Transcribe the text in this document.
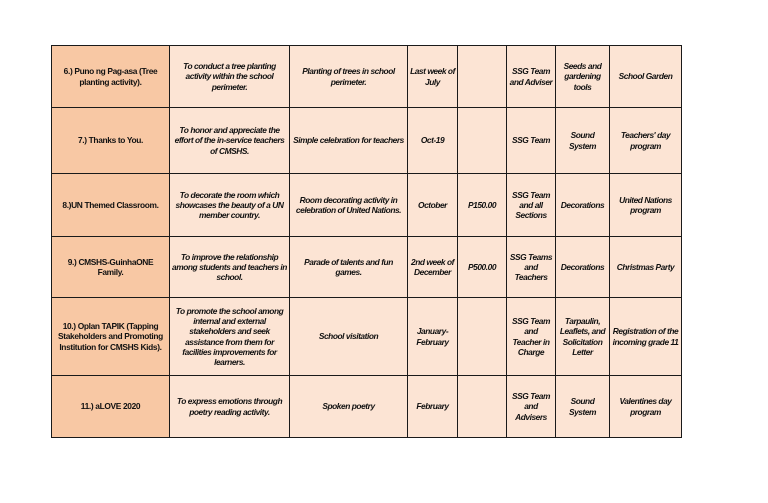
6.) Puno ng Pag-asa (Tree planting activity).	To conduct a tree planting activity within the school perimeter.	Planting of trees in school perimeter.	Last week of July		SSG Team and Adviser	Seeds and gardening tools	School Garden

7.) Thanks to You.	To honor and appreciate the effort of the in-service teachers of CMSHS.	Simple celebration for teachers	Oct-19		SSG Team	Sound System	Teachers' day program

8.)UN Themed Classroom.	To decorate the room which showcases the beauty of a UN member country.	Room decorating activity in celebration of United Nations.	October	P150.00	SSG Team and all Sections	Decorations	United Nations program

9.) CMSHS-GuinhaONE Family.	To improve the relationship among students and teachers in school.	Parade of talents and fun games.	2nd week of December	P500.00	SSG Teams and Teachers	Decorations	Christmas Party

10.) Oplan TAPIK (Tapping Stakeholders and Promoting Institution for CMSHS Kids).	To promote the school among internal and external stakeholders and seek assistance from them for facilities improvements for learners.	School visitation	January-February		SSG Team and Teacher in Charge	Tarpaulin, Leaflets, and Solicitation Letter	Registration of the incoming grade 11

11.) aLOVE 2020	To express emotions through poetry reading activity.	Spoken poetry	February		SSG Team and Advisers	Sound System	Valentines day program
